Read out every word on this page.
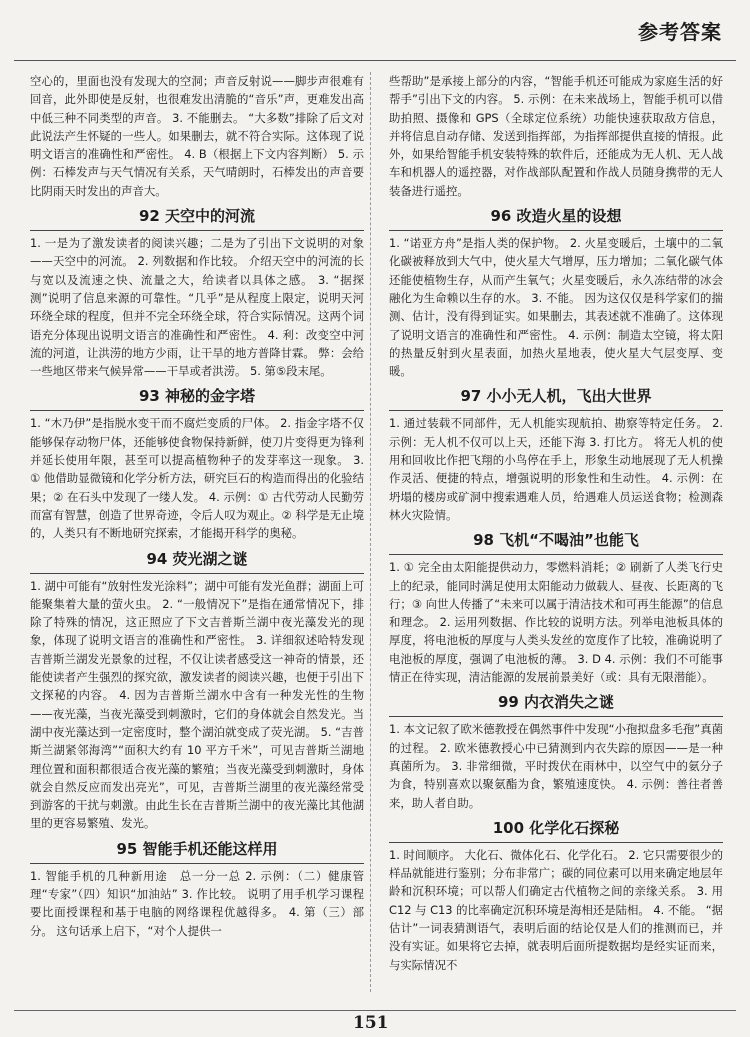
参考答案

空心的，里面也没有发现大的空洞；声音反射说——脚步声很难有回音，此外即使是反射，也很难发出清脆的“音乐”声，更难发出高中低三种不同类型的声音。 3. 不能删去。 “大多数”排除了后文对此说法产生怀疑的一些人。如果删去，就不符合实际。这体现了说明文语言的准确性和严密性。 4. B（根据上下文内容判断） 5. 示例：石棒发声与天气情况有关系，天气晴朗时，石棒发出的声音要比阴雨天时发出的声音大。

92 天空中的河流

1. 一是为了激发读者的阅读兴趣；二是为了引出下文说明的对象——天空中的河流。 2. 列数据和作比较。 介绍天空中的河流的长与宽以及流速之快、流量之大，给读者以具体之感。 3. “据探测”说明了信息来源的可靠性。“几乎”是从程度上限定，说明天河环绕全球的程度，但并不完全环绕全球，符合实际情况。这两个词语充分体现出说明文语言的准确性和严密性。 4. 利：改变空中河流的河道，让洪涝的地方少雨，让干旱的地方普降甘霖。 弊：会给一些地区带来气候异常——干旱或者洪涝。 5. 第⑤段末尾。

93 神秘的金字塔

1. “木乃伊”是指脱水变干而不腐烂变质的尸体。 2. 指金字塔不仅能够保存动物尸体，还能够使食物保持新鲜，使刀片变得更为锋利并延长使用年限，甚至可以提高植物种子的发芽率这一现象。 3. ① 他借助显微镜和化学分析方法，研究巨石的构造而得出的化验结果；② 在石头中发现了一缕人发。 4. 示例：① 古代劳动人民勤劳而富有智慧，创造了世界奇迹，令后人叹为观止。② 科学是无止境的，人类只有不断地研究探索，才能揭开科学的奥秘。

94 荧光湖之谜

1. 湖中可能有“放射性发光涂料”；湖中可能有发光鱼群；湖面上可能聚集着大量的萤火虫。 2. “一般情况下”是指在通常情况下，排除了特殊的情况，这正照应了下文吉普斯兰湖中夜光藻发光的现象，体现了说明文语言的准确性和严密性。 3. 详细叙述哈特发现吉普斯兰湖发光景象的过程，不仅让读者感受这一神奇的情景，还能使读者产生强烈的探究欲，激发读者的阅读兴趣，也便于引出下文探秘的内容。 4. 因为吉普斯兰湖水中含有一种发光性的生物——夜光藻，当夜光藻受到刺激时，它们的身体就会自然发光。当湖中夜光藻达到一定密度时，整个湖泊就变成了荧光湖。 5. “吉普斯兰湖紧邻海湾”“面积大约有 10 平方千米”，可见吉普斯兰湖地理位置和面积都很适合夜光藻的繁殖；当夜光藻受到刺激时，身体就会自然反应而发出亮光”，可见，吉普斯兰湖里的夜光藻经常受到游客的干扰与刺激。由此生长在吉普斯兰湖中的夜光藻比其他湖里的更容易繁殖、发光。

95 智能手机还能这样用

1. 智能手机的几种新用途　总一分一总 2. 示例：（二）健康管理“专家”（四）知识“加油站” 3. 作比较。 说明了用手机学习课程要比面授课程和基于电脑的网络课程优越得多。 4. 第（三）部分。 这句话承上启下，“对个人提供一

些帮助”是承接上部分的内容，“智能手机还可能成为家庭生活的好帮手”引出下文的内容。 5. 示例：在未来战场上，智能手机可以借助拍照、摄像和 GPS（全球定位系统）功能快速获取敌方信息，并将信息自动存储、发送到指挥部，为指挥部提供直接的情报。此外，如果给智能手机安装特殊的软件后，还能成为无人机、无人战车和机器人的遥控器，对作战部队配置和作战人员随身携带的无人装备进行遥控。

96 改造火星的设想

1. “诺亚方舟”是指人类的保护物。 2. 火星变暖后，土壤中的二氧化碳被释放到大气中，使火星大气增厚，压力增加；二氧化碳气体还能使植物生存，从而产生氧气；火星变暖后，永久冻结带的冰会融化为生命赖以生存的水。 3. 不能。 因为这仅仅是科学家们的揣测、估计，没有得到证实。如果删去，其表述就不准确了。这体现了说明文语言的准确性和严密性。 4. 示例：制造太空镜，将太阳的热量反射到火星表面，加热火星地表，使火星大气层变厚、变暖。

97 小小无人机，飞出大世界

1. 通过装载不同部件，无人机能实现航拍、勘察等特定任务。 2. 示例：无人机不仅可以上天，还能下海 3. 打比方。 将无人机的使用和回收比作把飞翔的小鸟停在手上，形象生动地展现了无人机操作灵活、便捷的特点，增强说明的形象性和生动性。 4. 示例：在坍塌的楼房或矿洞中搜索遇难人员，给遇难人员运送食物；检测森林火灾险情。

98 飞机“不喝油”也能飞

1. ① 完全由太阳能提供动力，零燃料消耗；② 刷新了人类飞行史上的纪录，能同时满足使用太阳能动力做载人、昼夜、长距离的飞行；③ 向世人传播了“未来可以属于清洁技术和可再生能源”的信息和理念。 2. 运用列数据、作比较的说明方法。列举电池板具体的厚度，将电池板的厚度与人类头发丝的宽度作了比较，准确说明了电池板的厚度，强调了电池板的薄。 3. D 4. 示例：我们不可能事情正在待实现，清洁能源的发展前景美好（或：具有无限潜能）。

99 内衣消失之谜

1. 本文记叙了欧米德教授在偶然事件中发现“小孢拟盘多毛孢”真菌的过程。 2. 欧米德教授心中已猜测到内衣失踪的原因——是一种真菌所为。 3. 非常细微，平时拨伏在雨林中，以空气中的氨分子为食，特别喜欢以聚氨酯为食，繁殖速度快。 4. 示例：善往者善来，助人者自助。

100 化学化石探秘

1. 时间顺序。 大化石、微体化石、化学化石。 2. 它只需要很少的样品就能进行鉴别；分布非常广；碳的同位素可以用来确定地层年龄和沉积环境；可以帮人们确定古代植物之间的亲缘关系。 3. 用 C12 与 C13 的比率确定沉积环境是海相还是陆相。 4. 不能。 “据估计”一词表猜测语气，表明后面的结论仅是人们的推测而已，并没有实证。如果将它去掉，就表明后面所提数据均是经实证而来，与实际情况不

151
